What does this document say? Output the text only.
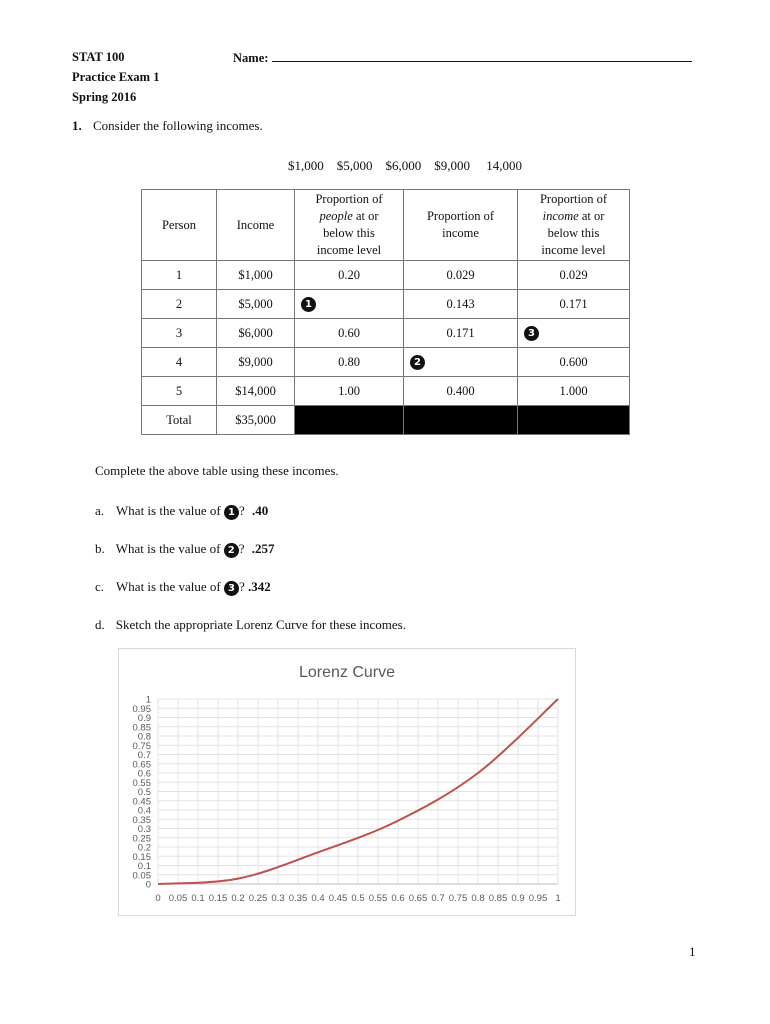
STAT 100
Practice Exam 1
Spring 2016
Name:
1. Consider the following incomes.
$1,000    $5,000    $6,000    $9,000     14,000
Person	Income	Proportion of
people at or
below this
income level	Proportion of
income	Proportion of
income at or
below this
income level
1	$1,000	0.20	0.029	0.029
2	$5,000	1	0.143	0.171
3	$6,000	0.60	0.171	3
4	$9,000	0.80	2	0.600
5	$14,000	1.00	0.400	1.000
Total	$35,000			
Complete the above table using these incomes.
a. What is the value of 1 ? .40
b. What is the value of 2 ? .257
c. What is the value of 3 ? .342
d. Sketch the appropriate Lorenz Curve for these incomes.
Lorenz Curve
0
0.05
0.1
0.15
0.2
0.25
0.3
0.35
0.4
0.45
0.5
0.55
0.6
0.65
0.7
0.75
0.8
0.85
0.9
0.95
1
0 0.05 0.1 0.15 0.2 0.25 0.3 0.35 0.4 0.45 0.5 0.55 0.6 0.65 0.7 0.75 0.8 0.85 0.9 0.95 1
1
